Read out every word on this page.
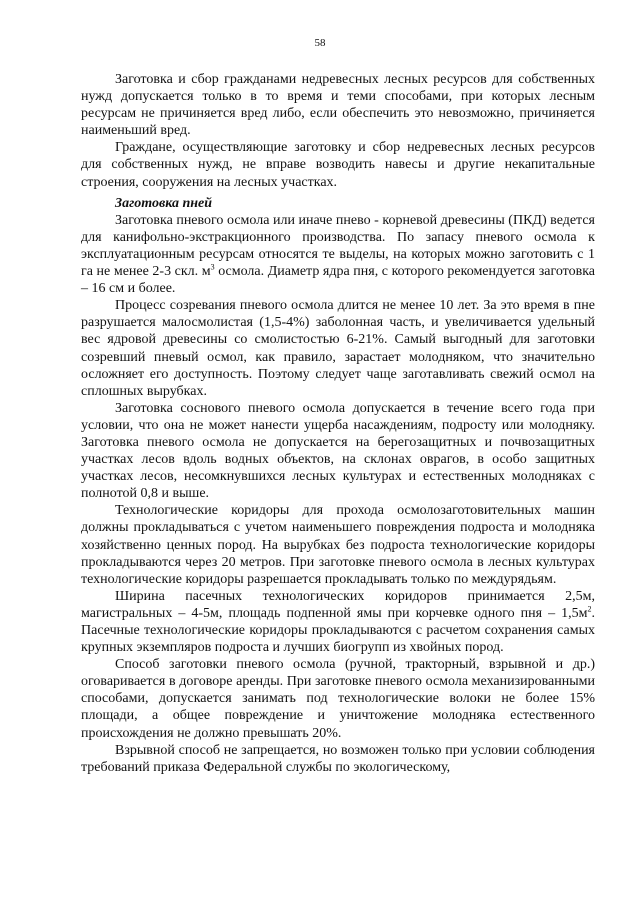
58

Заготовка и сбор гражданами недревесных лесных ресурсов для собственных нужд допускается только в то время и теми способами, при которых лесным ресурсам не причиняется вред либо, если обеспечить это невозможно, причиняется наименьший вред.

Граждане, осуществляющие заготовку и сбор недревесных лесных ресурсов для собственных нужд, не вправе возводить навесы и другие некапитальные строения, сооружения на лесных участках.

Заготовка пней

Заготовка пневого осмола или иначе пнево - корневой древесины (ПКД) ведется для канифольно-экстракционного производства. По запасу пневого осмола к эксплуатационным ресурсам относятся те выделы, на которых можно заготовить с 1 га не менее 2-3 скл. $м^3$ осмола. Диаметр ядра пня, с которого рекомендуется заготовка – 16 см и более.

Процесс созревания пневого осмола длится не менее 10 лет. За это время в пне разрушается малосмолистая (1,5-4%) заболонная часть, и увеличивается удельный вес ядровой древесины со смолистостью 6-21%. Самый выгодный для заготовки созревший пневый осмол, как правило, зарастает молодняком, что значительно осложняет его доступность. Поэтому следует чаще заготавливать свежий осмол на сплошных вырубках.

Заготовка соснового пневого осмола допускается в течение всего года при условии, что она не может нанести ущерба насаждениям, подросту или молодняку. Заготовка пневого осмола не допускается на берегозащитных и почвозащитных участках лесов вдоль водных объектов, на склонах оврагов, в особо защитных участках лесов, несомкнувшихся лесных культурах и естественных молодняках с полнотой 0,8 и выше.

Технологические коридоры для прохода осмолозаготовительных машин должны прокладываться с учетом наименьшего повреждения подроста и молодняка хозяйственно ценных пород. На вырубках без подроста технологические коридоры прокладываются через 20 метров. При заготовке пневого осмола в лесных культурах технологические коридоры разрешается прокладывать только по междурядьям.

Ширина пасечных технологических коридоров принимается 2,5м, магистральных – 4-5м, площадь подпенной ямы при корчевке одного пня – $1,5м^2$. Пасечные технологические коридоры прокладываются с расчетом сохранения самых крупных экземпляров подроста и лучших биогрупп из хвойных пород.

Способ заготовки пневого осмола (ручной, тракторный, взрывной и др.) оговаривается в договоре аренды. При заготовке пневого осмола механизированными способами, допускается занимать под технологические волоки не более 15% площади, а общее повреждение и уничтожение молодняка естественного происхождения не должно превышать 20%.

Взрывной способ не запрещается, но возможен только при условии соблюдения требований приказа Федеральной службы по экологическому,
